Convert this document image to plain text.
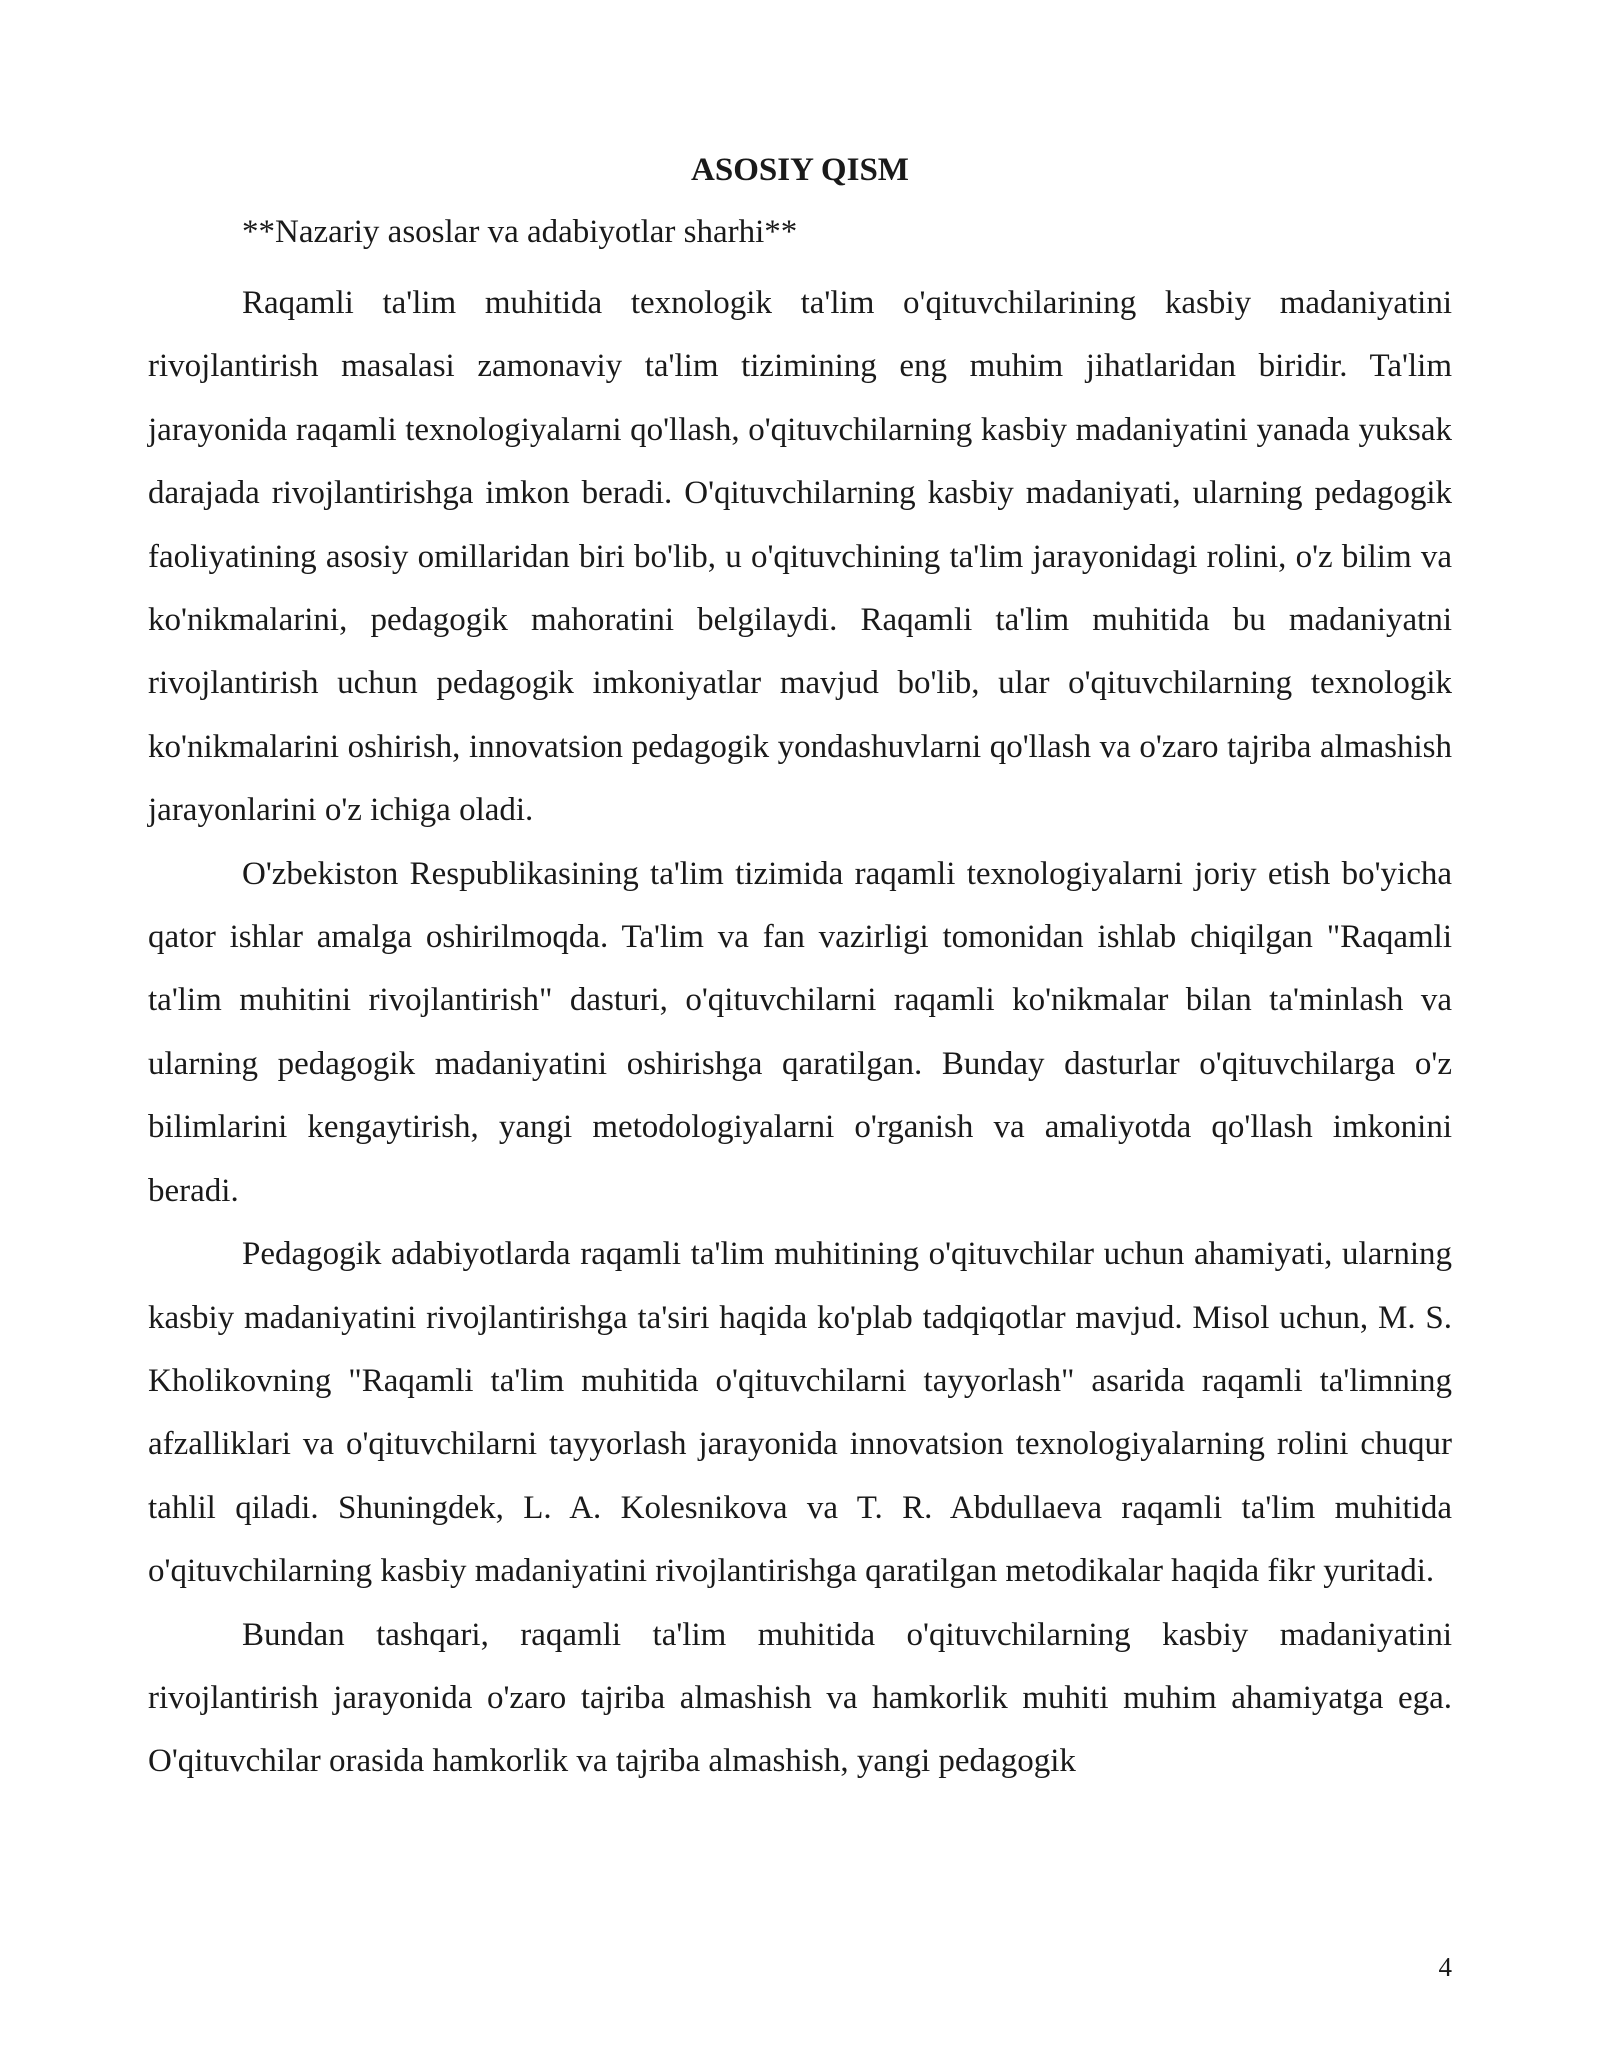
ASOSIY QISM

**Nazariy asoslar va adabiyotlar sharhi**

Raqamli ta'lim muhitida texnologik ta'lim o'qituvchilarining kasbiy madaniyatini rivojlantirish masalasi zamonaviy ta'lim tizimining eng muhim jihatlaridan biridir. Ta'lim jarayonida raqamli texnologiyalarni qo'llash, o'qituvchilarning kasbiy madaniyatini yanada yuksak darajada rivojlantirishga imkon beradi. O'qituvchilarning kasbiy madaniyati, ularning pedagogik faoliyatining asosiy omillaridan biri bo'lib, u o'qituvchining ta'lim jarayonidagi rolini, o'z bilim va ko'nikmalarini, pedagogik mahoratini belgilaydi. Raqamli ta'lim muhitida bu madaniyatni rivojlantirish uchun pedagogik imkoniyatlar mavjud bo'lib, ular o'qituvchilarning texnologik ko'nikmalarini oshirish, innovatsion pedagogik yondashuvlarni qo'llash va o'zaro tajriba almashish jarayonlarini o'z ichiga oladi.

O'zbekiston Respublikasining ta'lim tizimida raqamli texnologiyalarni joriy etish bo'yicha qator ishlar amalga oshirilmoqda. Ta'lim va fan vazirligi tomonidan ishlab chiqilgan "Raqamli ta'lim muhitini rivojlantirish" dasturi, o'qituvchilarni raqamli ko'nikmalar bilan ta'minlash va ularning pedagogik madaniyatini oshirishga qaratilgan. Bunday dasturlar o'qituvchilarga o'z bilimlarini kengaytirish, yangi metodologiyalarni o'rganish va amaliyotda qo'llash imkonini beradi.

Pedagogik adabiyotlarda raqamli ta'lim muhitining o'qituvchilar uchun ahamiyati, ularning kasbiy madaniyatini rivojlantirishga ta'siri haqida ko'plab tadqiqotlar mavjud. Misol uchun, M. S. Kholikovning "Raqamli ta'lim muhitida o'qituvchilarni tayyorlash" asarida raqamli ta'limning afzalliklari va o'qituvchilarni tayyorlash jarayonida innovatsion texnologiyalarning rolini chuqur tahlil qiladi. Shuningdek, L. A. Kolesnikova va T. R. Abdullaeva raqamli ta'lim muhitida o'qituvchilarning kasbiy madaniyatini rivojlantirishga qaratilgan metodikalar haqida fikr yuritadi.

Bundan tashqari, raqamli ta'lim muhitida o'qituvchilarning kasbiy madaniyatini rivojlantirish jarayonida o'zaro tajriba almashish va hamkorlik muhiti muhim ahamiyatga ega. O'qituvchilar orasida hamkorlik va tajriba almashish, yangi pedagogik

4
